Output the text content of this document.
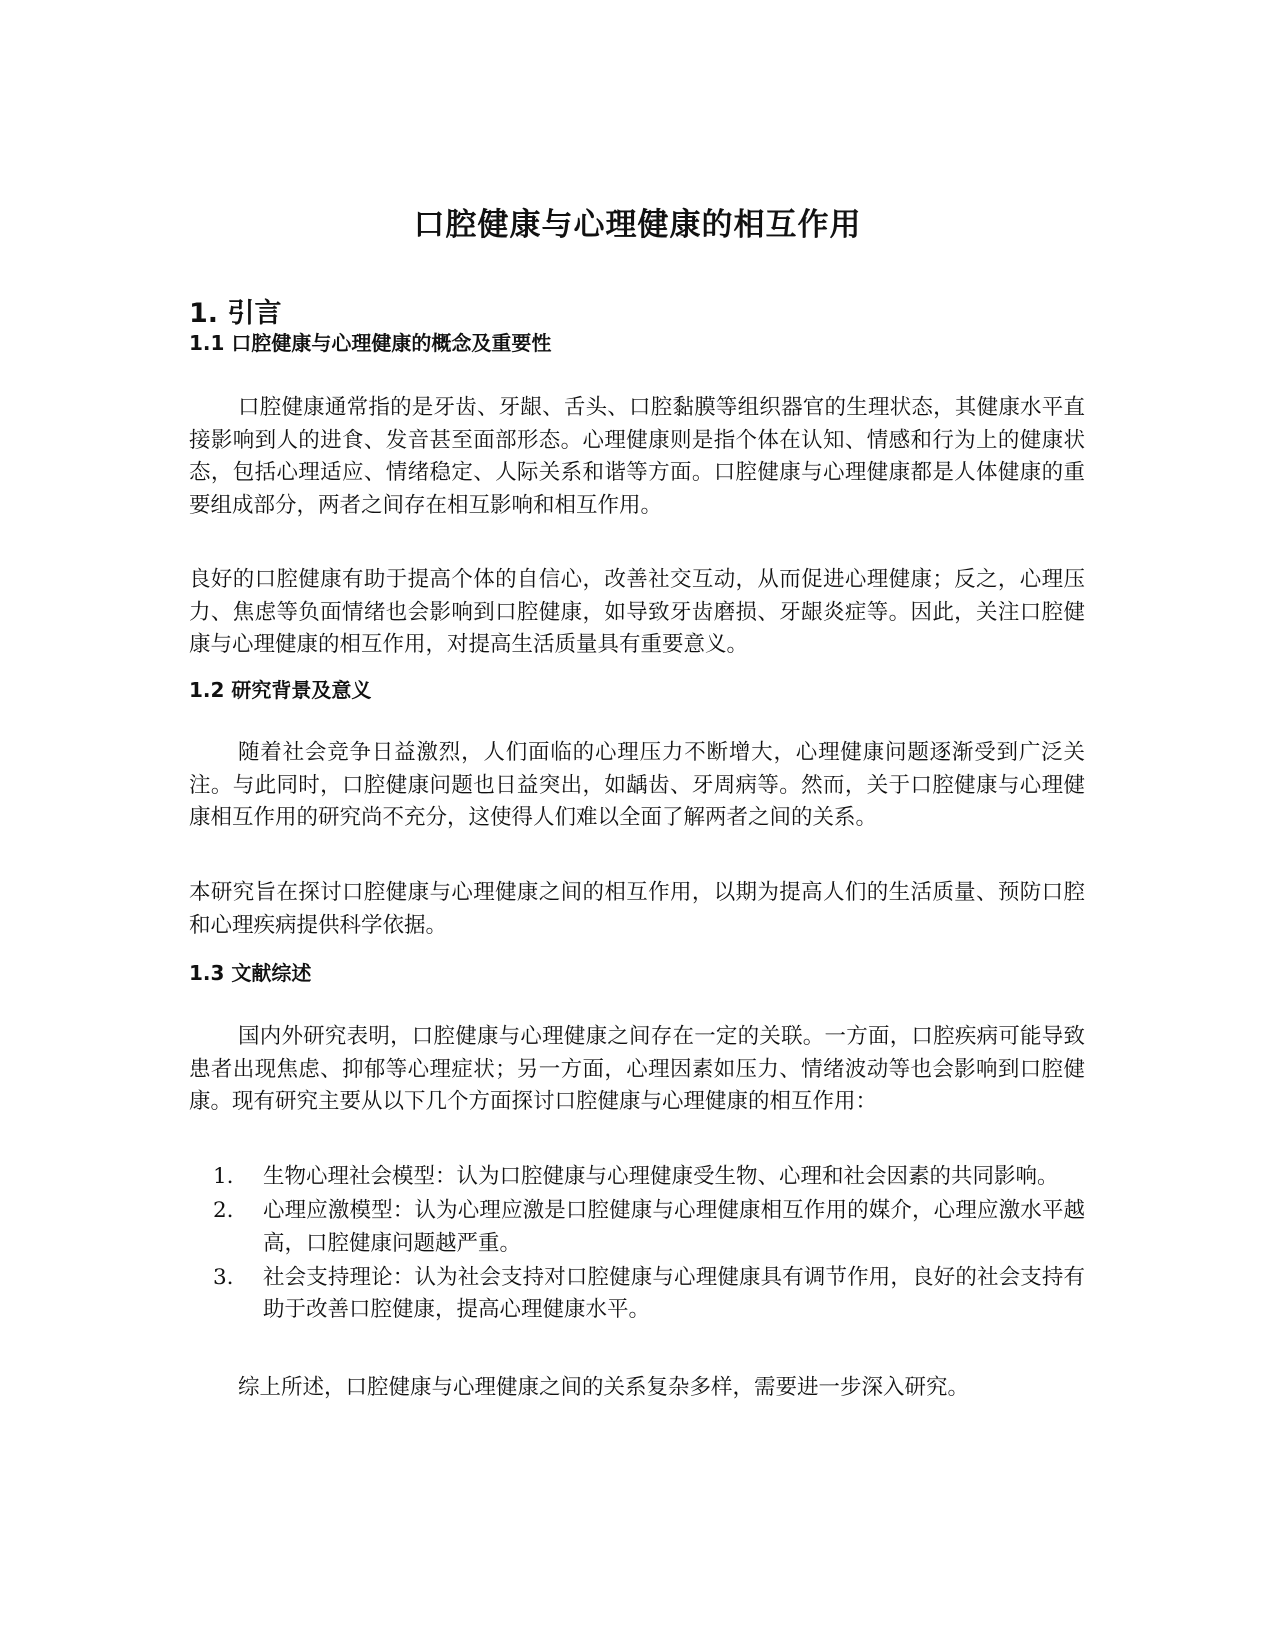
口腔健康与心理健康的相互作用
1. 引言
1.1 口腔健康与心理健康的概念及重要性

口腔健康通常指的是牙齿、牙龈、舌头、口腔黏膜等组织器官的生理状态，其健康水平直接影响到人的进食、发音甚至面部形态。心理健康则是指个体在认知、情感和行为上的健康状态，包括心理适应、情绪稳定、人际关系和谐等方面。口腔健康与心理健康都是人体健康的重要组成部分，两者之间存在相互影响和相互作用。

良好的口腔健康有助于提高个体的自信心，改善社交互动，从而促进心理健康；反之，心理压力、焦虑等负面情绪也会影响到口腔健康，如导致牙齿磨损、牙龈炎症等。因此，关注口腔健康与心理健康的相互作用，对提高生活质量具有重要意义。

1.2 研究背景及意义

随着社会竞争日益激烈，人们面临的心理压力不断增大，心理健康问题逐渐受到广泛关注。与此同时，口腔健康问题也日益突出，如龋齿、牙周病等。然而，关于口腔健康与心理健康相互作用的研究尚不充分，这使得人们难以全面了解两者之间的关系。

本研究旨在探讨口腔健康与心理健康之间的相互作用，以期为提高人们的生活质量、预防口腔和心理疾病提供科学依据。

1.3 文献综述

国内外研究表明，口腔健康与心理健康之间存在一定的关联。一方面，口腔疾病可能导致患者出现焦虑、抑郁等心理症状；另一方面，心理因素如压力、情绪波动等也会影响到口腔健康。现有研究主要从以下几个方面探讨口腔健康与心理健康的相互作用：

1. 生物心理社会模型：认为口腔健康与心理健康受生物、心理和社会因素的共同影响。
2. 心理应激模型：认为心理应激是口腔健康与心理健康相互作用的媒介，心理应激水平越高，口腔健康问题越严重。
3. 社会支持理论：认为社会支持对口腔健康与心理健康具有调节作用，良好的社会支持有助于改善口腔健康，提高心理健康水平。

综上所述，口腔健康与心理健康之间的关系复杂多样，需要进一步深入研究。
